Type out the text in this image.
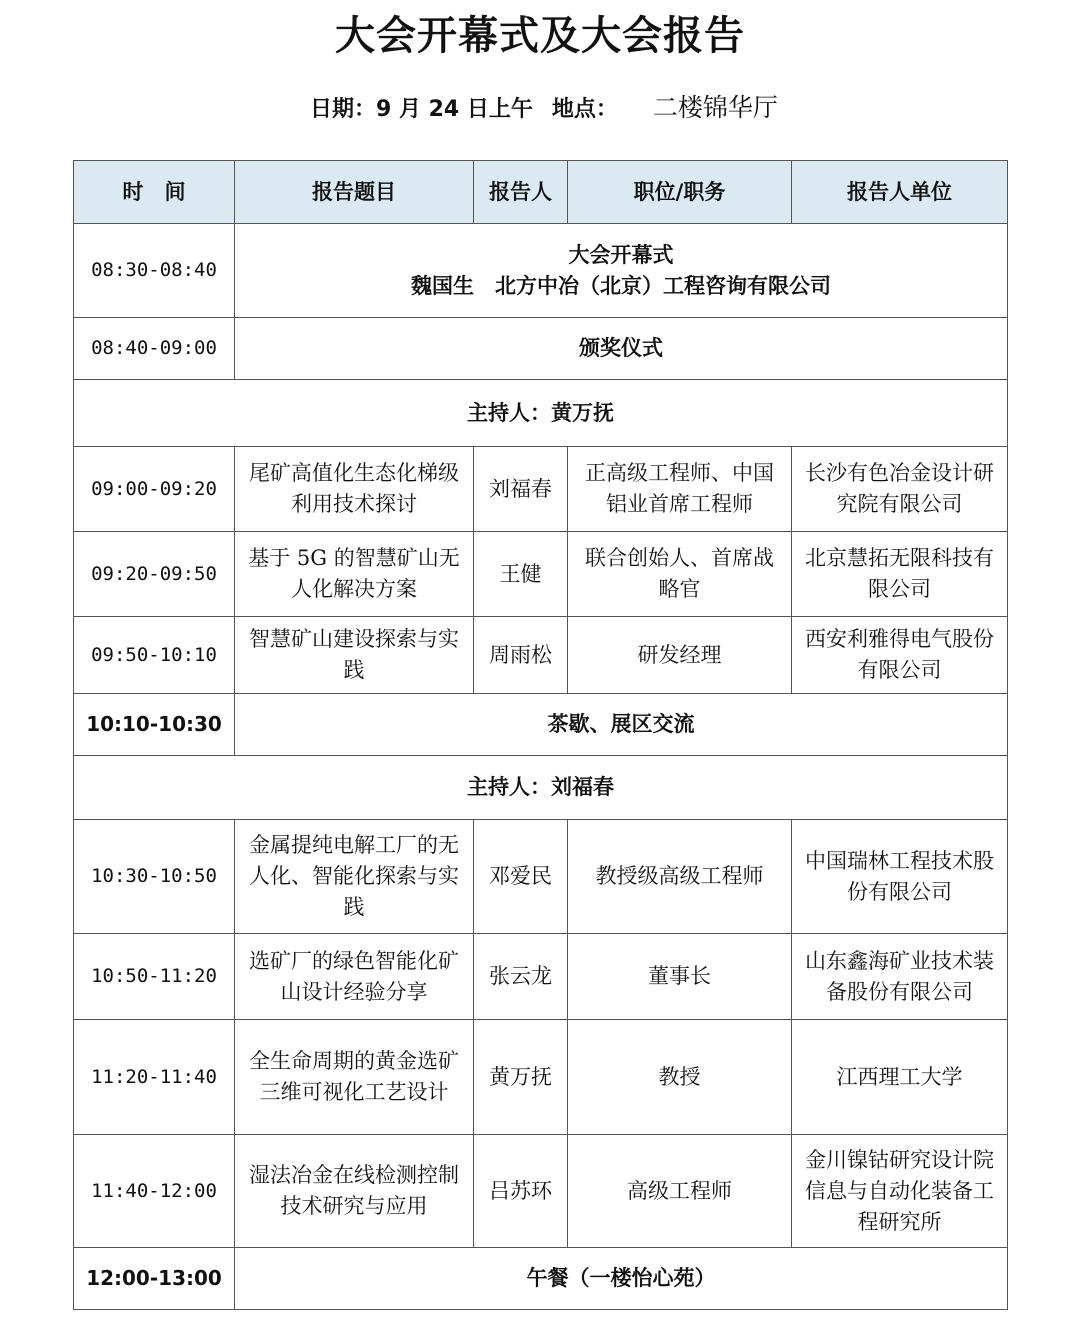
大会开幕式及大会报告
日期：9 月 24 日上午 地点： 二楼锦华厅
时　间	报告题目	报告人	职位/职务	报告人单位
08:30-08:40	大会开幕式
魏国生　北方中冶（北京）工程咨询有限公司			

08:40-09:00	颁奖仪式			
主持人：黄万抚				
09:00-09:20	尾矿高值化生态化梯级利用技术探讨	刘福春	正高级工程师、中国铝业首席工程师	长沙有色冶金设计研究院有限公司
09:20-09:50	基于 5G 的智慧矿山无人化解决方案	王健	联合创始人、首席战略官	北京慧拓无限科技有限公司
09:50-10:10	智慧矿山建设探索与实践	周雨松	研发经理	西安利雅得电气股份有限公司
10:10-10:30	茶歇、展区交流			
主持人：刘福春				
10:30-10:50	金属提纯电解工厂的无人化、智能化探索与实践	邓爱民	教授级高级工程师	中国瑞林工程技术股份有限公司
10:50-11:20	选矿厂的绿色智能化矿山设计经验分享	张云龙	董事长	山东鑫海矿业技术装备股份有限公司
11:20-11:40	全生命周期的黄金选矿三维可视化工艺设计	黄万抚	教授	江西理工大学
11:40-12:00	湿法冶金在线检测控制技术研究与应用	吕苏环	高级工程师	金川镍钴研究设计院信息与自动化装备工程研究所
12:00-13:00	午餐（一楼怡心苑）			
